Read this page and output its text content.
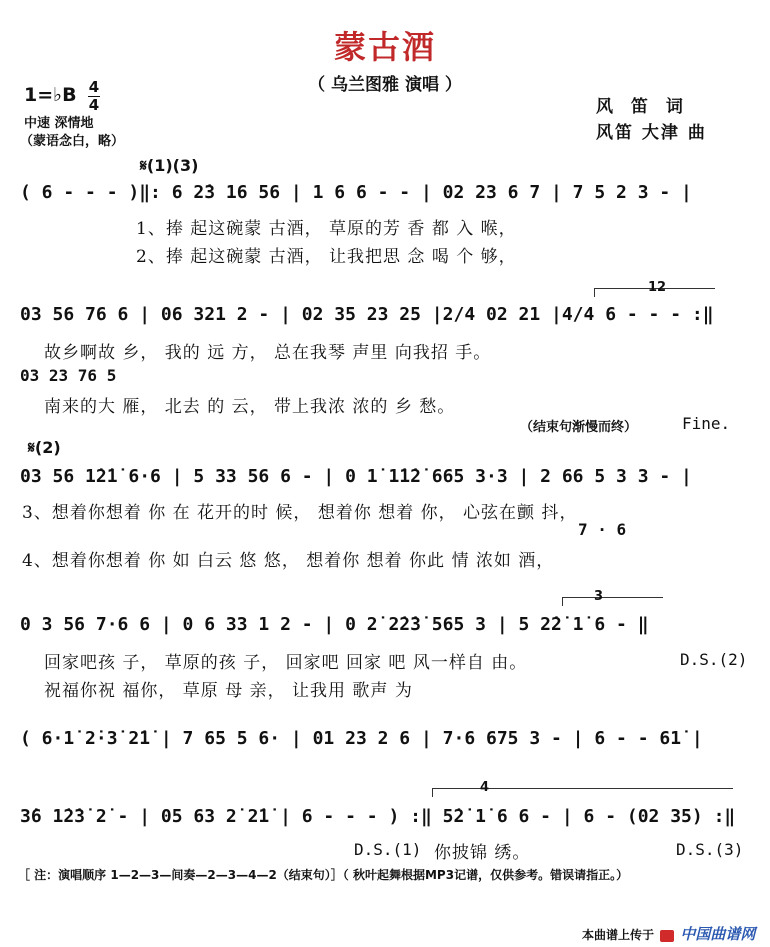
蒙古酒
（ 乌兰图雅 演唱 ）
1=♭B 4
4
中速 深情地
（蒙语念白，略）
风 笛 词
风笛 大津 曲
𝄋(1)(3)
( 6 - - - )‖: 6 2̇3 16 56 | 1 6 6 - - | 02 23 6 7 | 7 5 2 3 - |
1、捧 起这碗蒙 古酒， 草原的芳 香 都 入 喉，
2、捧 起这碗蒙 古酒， 让我把思 念 喝 个 够，
12
03 56 76 6 | 06 321 2 - | 02 35 23 25 |2/4 02 21 |4/4 6 - - - :‖
故乡啊故 乡， 我的 远 方， 总在我琴 声里 向我招 手。
03 23 76 5
南来的大 雁， 北去 的 云， 带上我浓 浓的 乡 愁。
（结束句渐慢而终）	Fine.
𝄋(2)
03 56 1̇2̇1̇ 6·6 | 5 33 56 6 - | 0 1̇ 1̇1̇2̇ 665 3·3 | 2 66 5 3 3 - |
3、想着你想着 你 在 花开的时 候， 想着你 想着 你， 心弦在颤 抖，
7 · 6
4、想着你想着 你 如 白云 悠 悠， 想着你 想着 你此 情 浓如 酒，
3
0 3 56 7·6 6 | 0 6 33 1 2 - | 0 2̇ 2̇2̇3̇ 565 3 | 5 2̇2̇ 1̇ 6 - ‖
回家吧孩 子， 草原的孩 子， 回家吧 回家 吧 风一样自 由。	D.S.(2)
祝福你祝 福你， 草原 母 亲， 让我用 歌声 为
( 6·1̇ 2̇·3̇ 2̇1̇ | 7 65 5 6· | 01 23 2 6 | 7·6 675 3 - | 6 - - 61̇ |
4
3̇6 1̇2̇3̇ 2̇ - | 05 63 2̇ 2̇1̇ | 6 - - - ) :‖ 5̇2̇ 1̇ 6 6 - | 6 - (02 35) :‖
D.S.(1) 你披锦 绣。	D.S.(3)
［ 注：演唱顺序 1—2—3—间奏—2—3—4—2（结束句）］（ 秋叶起舞根据MP3记谱，仅供参考。错误请指正。）
本曲谱上传于 中国曲谱网
